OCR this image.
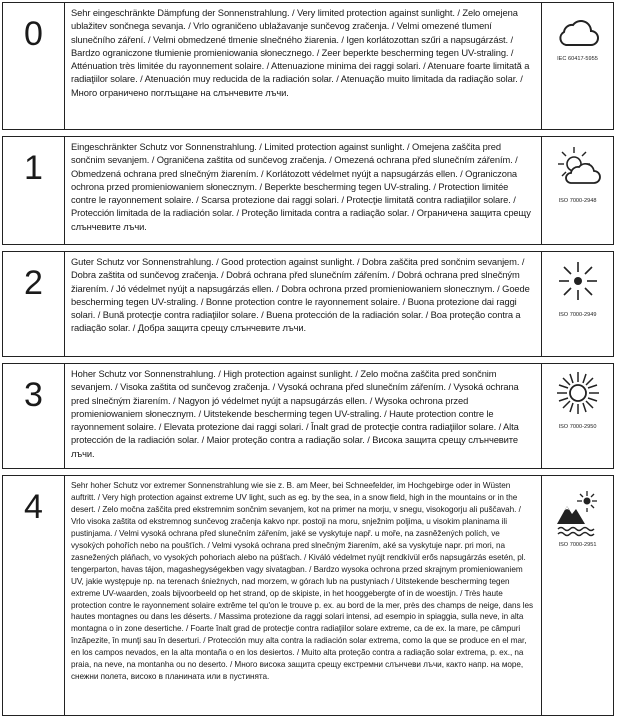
0
Sehr eingeschränkte Dämpfung der Sonnenstrahlung. / Very limited protection against sunlight. / Zelo omejena ublažitev sončnega sevanja. / Vrlo ograničeno ublažavanje sunčevog zračenja. / Velmi omezené tlumení slunečního záření. / Velmi obmedzené tlmenie slnečného žiarenia. / Igen korlátozottan szűri a napsugárzást. / Bardzo ograniczone tłumienie promieniowania słonecznego. / Zeer beperkte bescherming tegen UV-straling. / Atténuation très limitée du rayonnement solaire. / Attenuazione minima dei raggi solari. / Atenuare foarte limitată a radiaţiilor solare. / Atenuación muy reducida de la radiación solar. / Atenuação muito limitada da radiação solar. / Много ограничено поглъщане на слънчевите лъчи.
IEC 60417-5955
1
Eingeschränkter Schutz vor Sonnenstrahlung. / Limited protection against sunlight. / Omejena zaščita pred sončnim sevanjem. / Ograničena zaštita od sunčevog zračenja. / Omezená ochrana před slunečním zářením. / Obmedzená ochrana pred slnečným žiarením. / Korlátozott védelmet nyújt a napsugárzás ellen. / Ograniczona ochrona przed promieniowaniem słonecznym. / Beperkte bescherming tegen UV-straling. / Protection limitée contre le rayonnement solaire. / Scarsa protezione dai raggi solari. / Protecţie limitată contra radiaţiilor solare. / Protección limitada de la radiación solar. / Proteção limitada contra a radiação solar. / Ограничена защита срещу слънчевите лъчи.
ISO 7000-2948
2
Guter Schutz vor Sonnenstrahlung. / Good protection against sunlight. / Dobra zaščita pred sončnim sevanjem. / Dobra zaštita od sunčevog zračenja. / Dobrá ochrana před slunečním zářením. / Dobrá ochrana pred slnečným žiarením. / Jó védelmet nyújt a napsugárzás ellen. / Dobra ochrona przed promieniowaniem słonecznym. / Goede bescherming tegen UV-straling. / Bonne protection contre le rayonnement solaire. / Buona protezione dai raggi solari. / Bună protecţie contra radiaţiilor solare. / Buena protección de la radiación solar. / Boa proteção contra a radiação solar. / Добра защита срещу слънчевите лъчи.
ISO 7000-2949
3
Hoher Schutz vor Sonnenstrahlung. / High protection against sunlight. / Zelo močna zaščita pred sončnim sevanjem. / Visoka zaštita od sunčevog zračenja. / Vysoká ochrana před slunečním zářením. / Vysoká ochrana pred slnečným žiarením. / Nagyon jó védelmet nyújt a napsugárzás ellen. / Wysoka ochrona przed promieniowaniem słonecznym. / Uitstekende bescherming tegen UV-straling. / Haute protection contre le rayonnement solaire. / Elevata protezione dai raggi solari. / Înalt grad de protecţie contra radiaţiilor solare. / Alta protección de la radiación solar. / Maior proteção contra a radiação solar. / Висока защита срещу слънчевите лъчи.
ISO 7000-2950
4
Sehr hoher Schutz vor extremer Sonnenstrahlung wie sie z. B. am Meer, bei Schneefelder, im Hochgebirge oder in Wüsten auftritt. / Very high protection against extreme UV light, such as eg. by the sea, in a snow field, high in the mountains or in the desert. / Zelo močna zaščita pred ekstremnim sončnim sevanjem, kot na primer na morju, v snegu, visokogorju ali puščavah. / Vrlo visoka zaštita od ekstremnog sunčevog zračenja kakvo npr. postoji na moru, snježnim poljima, u visokim planinama ili pustinjama. / Velmi vysoká ochrana před slunečním zářením, jaké se vyskytuje např. u moře, na zasněžených polích, ve vysokých pohořích nebo na poušťích. / Velmi vysoká ochrana pred slnečným žiarením, aké sa vyskytuje napr. pri mori, na zasnežených pláňach, vo vysokých pohoriach alebo na púšťach. / Kiváló védelmet nyújt rendkívül erős napsugárzás esetén, pl. tengerparton, havas tájon, magashegységekben vagy sivatagban. / Bardzo wysoka ochrona przed skrajnym promieniowaniem UV, jakie występuje np. na terenach śnieżnych, nad morzem, w górach lub na pustyniach / Uitstekende bescherming tegen extreme UV-waarden, zoals bijvoorbeeld op het strand, op de skipiste, in het hooggebergte of in de woestijn. / Très haute protection contre le rayonnement solaire extrême tel qu'on le trouve p. ex. au bord de la mer, près des champs de neige, dans les hautes montagnes ou dans les déserts. / Massima protezione da raggi solari intensi, ad esempio in spiaggia, sulla neve, in alta montagna o in zone desertiche. / Foarte înalt grad de protecţie contra radiaţiilor solare extreme, ca de ex. la mare, pe câmpuri înzăpezite, în munţi sau în deserturi. / Protección muy alta contra la radiación solar extrema, como la que se produce en el mar, en los campos nevados, en la alta montaña o en los desiertos. / Muito alta proteção contra a radiação solar extrema, p. ex., na praia, na neve, na montanha ou no deserto. / Много висока защита срещу екстремни слънчеви лъчи, както напр. на море, снежни полета, високо в планината или в пустинята.
ISO 7000-2951
